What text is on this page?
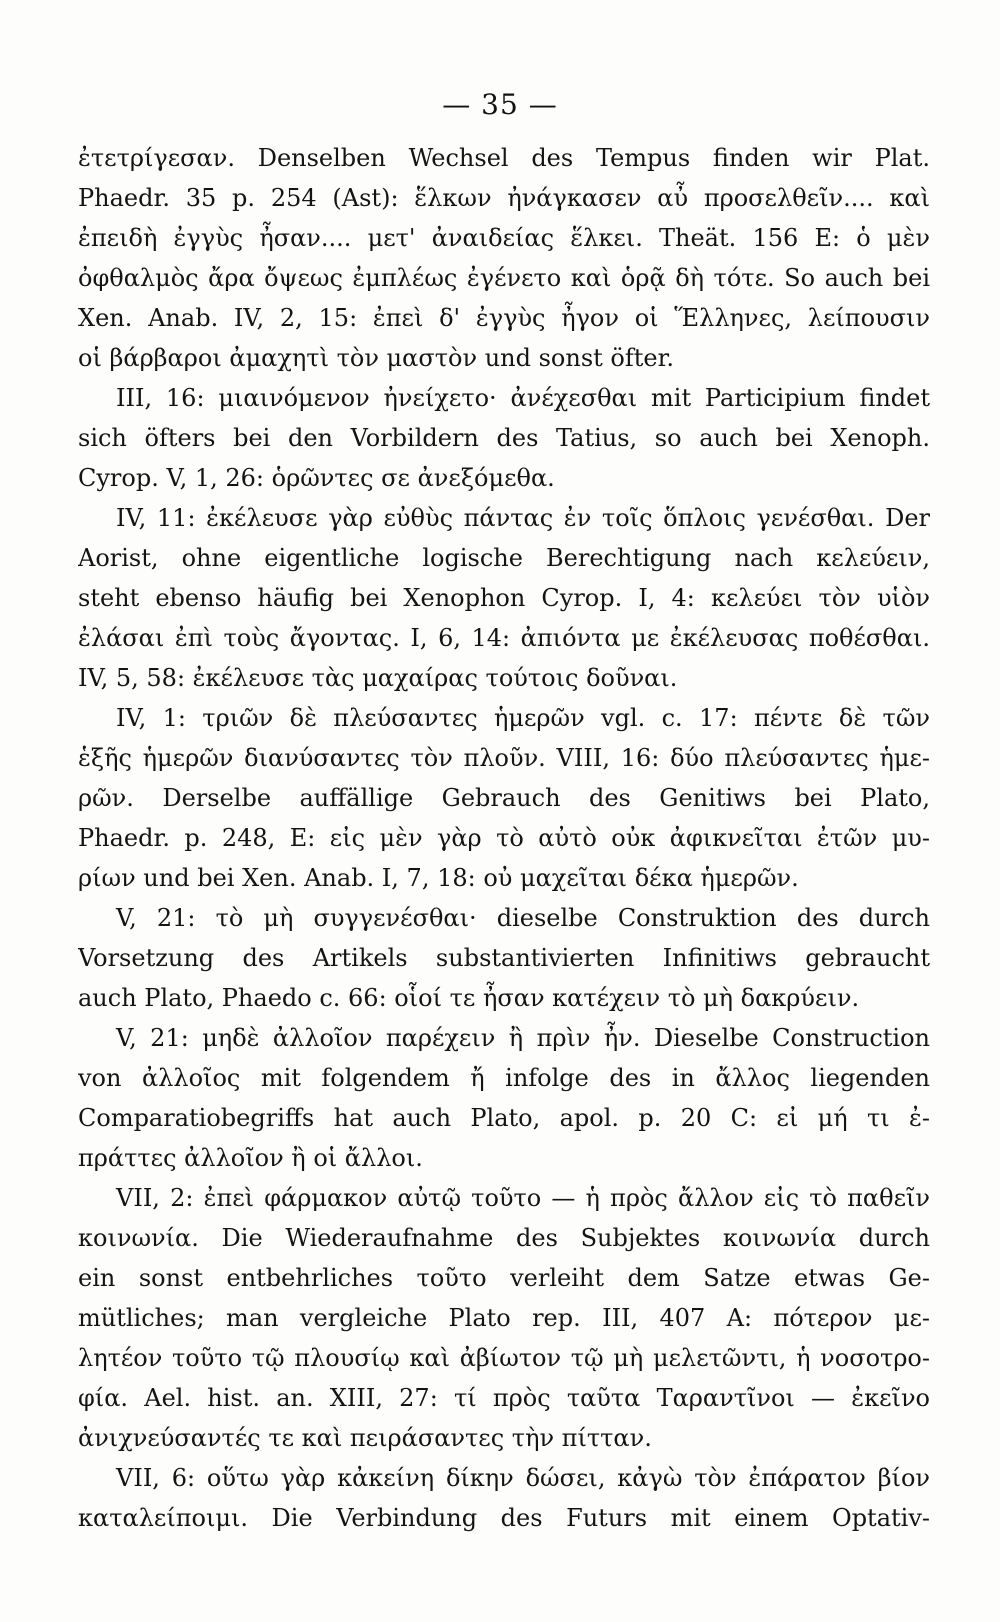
— 35 —
ἐτετρίγεσαν. Denselben Wechsel des Tempus finden wir Plat.
Phaedr. 35 p. 254 (Ast): ἕλκων ἠνάγκασεν αὖ προσελθεῖν.... καὶ
ἐπειδὴ ἐγγὺς ἦσαν.... μετ' ἀναιδείας ἕλκει. Theät. 156 E: ὁ μὲν
ὀφθαλμὸς ἄρα ὄψεως ἐμπλέως ἐγένετο καὶ ὁρᾷ δὴ τότε. So auch bei
Xen. Anab. IV, 2, 15: ἐπεὶ δ' ἐγγὺς ἦγον οἱ Ἕλληνες, λείπουσιν
οἱ βάρβαροι ἀμαχητὶ τὸν μαστὸν und sonst öfter.
III, 16: μιαινόμενον ἠνείχετο· ἀνέχεσθαι mit Participium findet
sich öfters bei den Vorbildern des Tatius, so auch bei Xenoph.
Cyrop. V, 1, 26: ὁρῶντες σε ἀνεξόμεθα.
IV, 11: ἐκέλευσε γὰρ εὐθὺς πάντας ἐν τοῖς ὅπλοις γενέσθαι. Der
Aorist, ohne eigentliche logische Berechtigung nach κελεύειν,
steht ebenso häufig bei Xenophon Cyrop. I, 4: κελεύει τὸν υἱὸν
ἐλάσαι ἐπὶ τοὺς ἄγοντας. I, 6, 14: ἀπιόντα με ἐκέλευσας ποθέσθαι.
IV, 5, 58: ἐκέλευσε τὰς μαχαίρας τούτοις δοῦναι.
IV, 1: τριῶν δὲ πλεύσαντες ἡμερῶν vgl. c. 17: πέντε δὲ τῶν
ἑξῆς ἡμερῶν διανύσαντες τὸν πλοῦν. VIII, 16: δύο πλεύσαντες ἡμε-
ρῶν. Derselbe auffällige Gebrauch des Genitiws bei Plato,
Phaedr. p. 248, E: εἰς μὲν γὰρ τὸ αὐτὸ οὐκ ἀφικνεῖται ἐτῶν μυ-
ρίων und bei Xen. Anab. I, 7, 18: οὐ μαχεῖται δέκα ἡμερῶν.
V, 21: τὸ μὴ συγγενέσθαι· dieselbe Construktion des durch
Vorsetzung des Artikels substantivierten Infinitiws gebraucht
auch Plato, Phaedo c. 66: οἷοί τε ἦσαν κατέχειν τὸ μὴ δακρύειν.
V, 21: μηδὲ ἀλλοῖον παρέχειν ἢ πρὶν ἦν. Dieselbe Construction
von ἀλλοῖος mit folgendem ἤ infolge des in ἄλλος liegenden
Comparatiobegriffs hat auch Plato, apol. p. 20 C: εἰ μή τι ἐ-
πράττες ἀλλοῖον ἢ οἱ ἄλλοι.
VII, 2: ἐπεὶ φάρμακον αὐτῷ τοῦτο — ἡ πρὸς ἄλλον εἰς τὸ παθεῖν
κοινωνία. Die Wiederaufnahme des Subjektes κοινωνία durch
ein sonst entbehrliches τοῦτο verleiht dem Satze etwas Ge-
mütliches; man vergleiche Plato rep. III, 407 A: πότερον με-
λητέον τοῦτο τῷ πλουσίῳ καὶ ἀβίωτον τῷ μὴ μελετῶντι, ἡ νοσοτρο-
φία. Ael. hist. an. XIII, 27: τί πρὸς ταῦτα Ταραντῖνοι — ἐκεῖνο
ἀνιχνεύσαντές τε καὶ πειράσαντες τὴν πίτταν.
VII, 6: οὕτω γὰρ κἀκείνη δίκην δώσει, κἀγὼ τὸν ἐπάρατον βίον
καταλείποιμι. Die Verbindung des Futurs mit einem Optativ-
